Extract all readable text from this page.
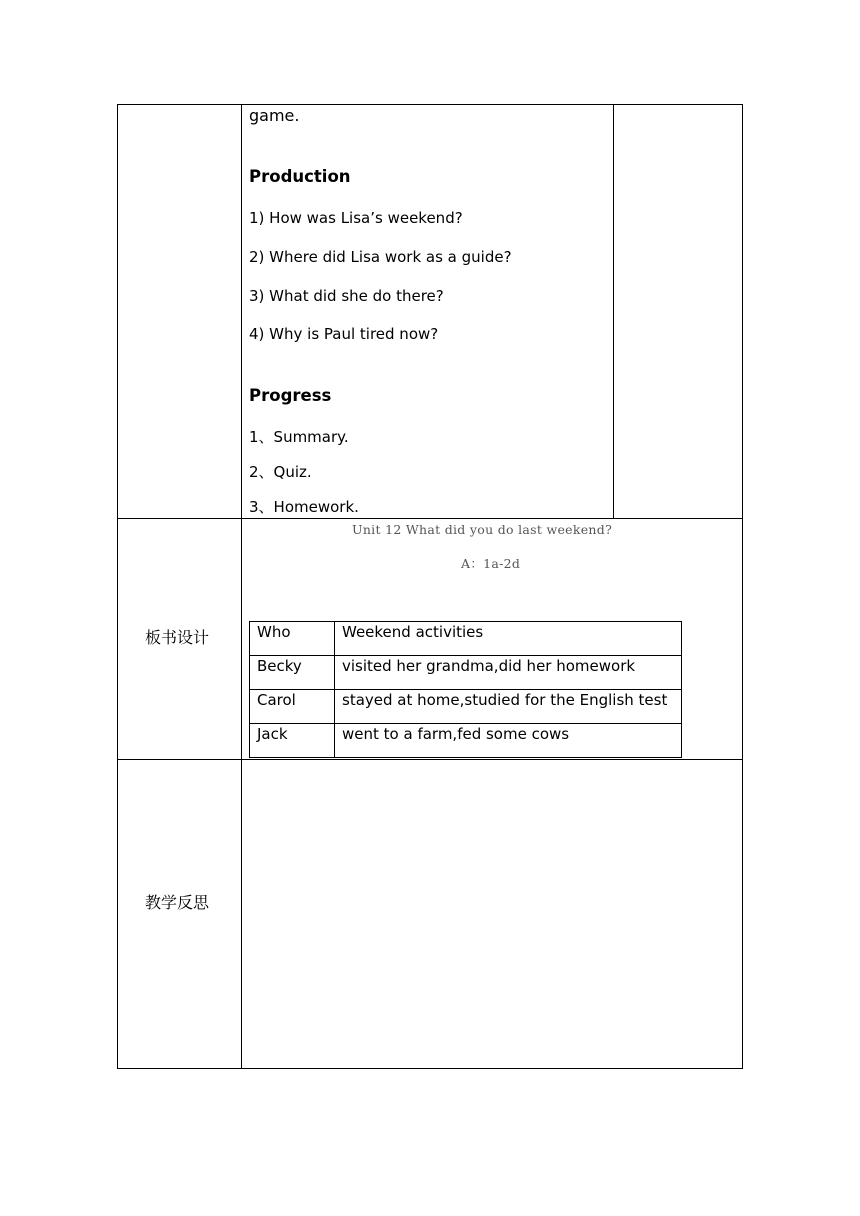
game.
Production
1) How was Lisa’s weekend?
2) Where did Lisa work as a guide?
3) What did she do there?
4) Why is Paul tired now?
Progress
1、Summary.
2、Quiz.
3、Homework.
板书设计
Unit 12 What did you do last weekend?
A：1a-2d
Who	Weekend activities
Becky	visited her grandma,did her homework
Carol	stayed at home,studied for the English test
Jack	went to a farm,fed some cows
教学反思
